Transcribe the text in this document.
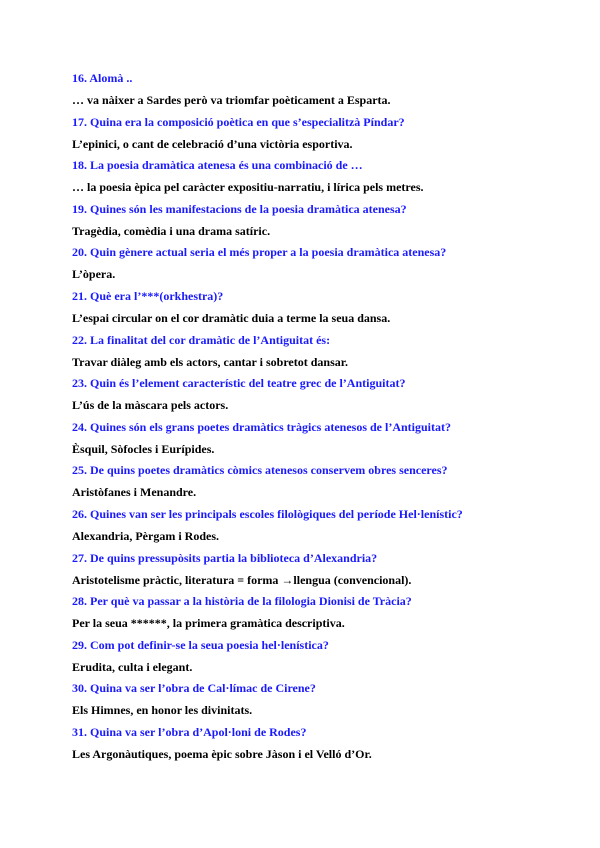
16. Alomà ..
… va nàixer a Sardes però va triomfar poèticament a Esparta.
17. Quina era la composició poètica en que s’especialitzà Píndar?
L’epinici, o cant de celebració d’una victòria esportiva.
18. La poesia dramàtica atenesa és una combinació de …
… la poesia èpica pel caràcter expositiu-narratiu, i lírica pels metres.
19. Quines són les manifestacions de la poesia dramàtica atenesa?
Tragèdia, comèdia i una drama satíric.
20. Quin gènere actual seria el més proper a la poesia dramàtica atenesa?
L’òpera.
21. Què era l’***(orkhestra)?
L’espai circular on el cor dramàtic duia a terme la seua dansa.
22. La finalitat del cor dramàtic de l’Antiguitat és:
Travar diàleg amb els actors, cantar i sobretot dansar.
23. Quin és l’element característic del teatre grec de l’Antiguitat?
L’ús de la màscara pels actors.
24. Quines són els grans poetes dramàtics tràgics atenesos de l’Antiguitat?
Èsquil, Sòfocles i Eurípides.
25. De quins poetes dramàtics còmics atenesos conservem obres senceres?
Aristòfanes i Menandre.
26. Quines van ser les principals escoles filològiques del període Hel·lenístic?
Alexandria, Pèrgam i Rodes.
27. De quins pressupòsits partia la biblioteca d’Alexandria?
Aristotelisme pràctic, literatura = forma →llengua (convencional).
28. Per què va passar a la història de la filologia Dionisi de Tràcia?
Per la seua ******, la primera gramàtica descriptiva.
29. Com pot definir-se la seua poesia hel·lenística?
Erudita, culta i elegant.
30. Quina va ser l’obra de Cal·límac de Cirene?
Els Himnes, en honor les divinitats.
31. Quina va ser l’obra d’Apol·loni de Rodes?
Les Argonàutiques, poema èpic sobre Jàson i el Velló d’Or.
